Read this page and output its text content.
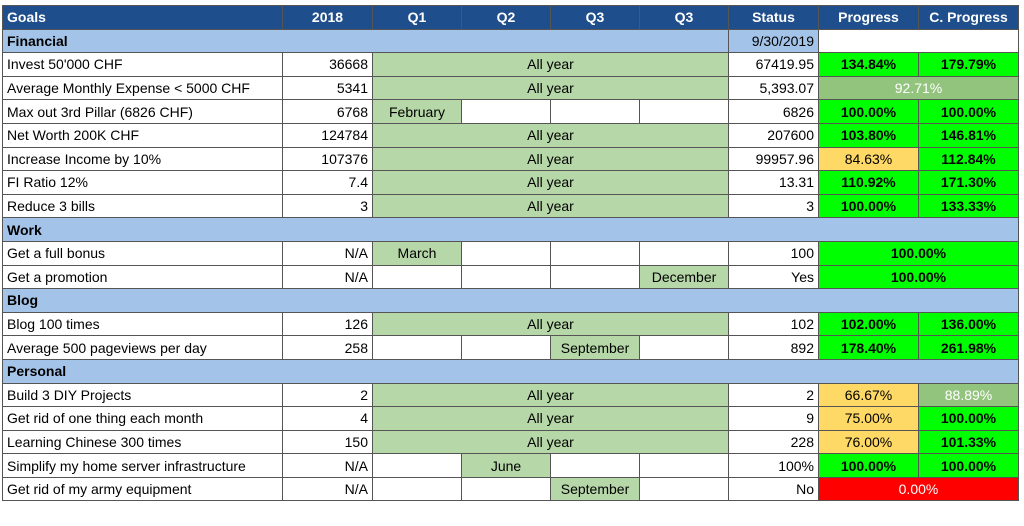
Goals	2018	Q1	Q2	Q3	Q3	Status	Progress	C. Progress
Financial						9/30/2019		
Invest 50'000 CHF	36668	All year				67419.95	134.84%	179.79%
Average Monthly Expense < 5000 CHF	5341	All year				5,393.07	92.71%	
Max out 3rd Pillar (6826 CHF)	6768	February				6826	100.00%	100.00%
Net Worth 200K CHF	124784	All year				207600	103.80%	146.81%
Increase Income by 10%	107376	All year				99957.96	84.63%	112.84%
FI Ratio 12%	7.4	All year				13.31	110.92%	171.30%
Reduce 3 bills	3	All year				3	100.00%	133.33%
Work								
Get a full bonus	N/A	March				100	100.00%	
Get a promotion	N/A				December	Yes	100.00%	
Blog								
Blog 100 times	126	All year				102	102.00%	136.00%
Average 500 pageviews per day	258			September		892	178.40%	261.98%
Personal								
Build 3 DIY Projects	2	All year				2	66.67%	88.89%
Get rid of one thing each month	4	All year				9	75.00%	100.00%
Learning Chinese 300 times	150	All year				228	76.00%	101.33%
Simplify my home server infrastructure	N/A		June			100%	100.00%	100.00%
Get rid of my army equipment	N/A			September		No	0.00%	
